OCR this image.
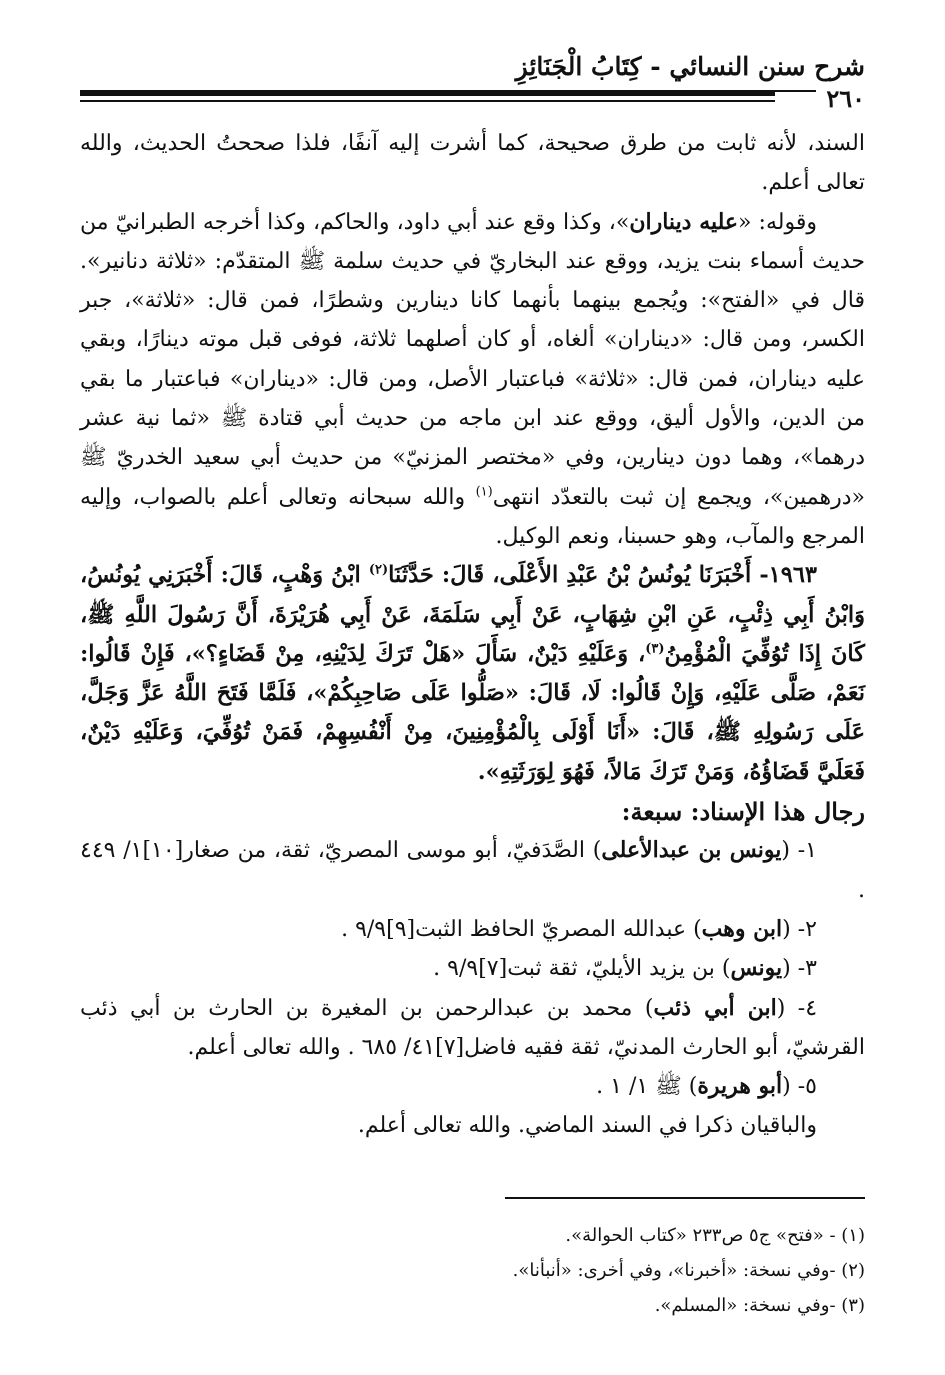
شرح سنن النسائي - كِتَابُ الْجَنَائِزِ
٢٦٠

السند، لأنه ثابت من طرق صحيحة، كما أشرت إليه آنفًا، فلذا صححتُ الحديث، والله تعالى أعلم.

وقوله: «عليه ديناران»، وكذا وقع عند أبي داود، والحاكم، وكذا أخرجه الطبرانيّ من حديث أسماء بنت يزيد، ووقع عند البخاريّ في حديث سلمة ﷺ المتقدّم: «ثلاثة دنانير». قال في «الفتح»: ويُجمع بينهما بأنهما كانا دينارين وشطرًا، فمن قال: «ثلاثة»، جبر الكسر، ومن قال: «ديناران» ألغاه، أو كان أصلهما ثلاثة، فوفى قبل موته دينارًا، وبقي عليه ديناران، فمن قال: «ثلاثة» فباعتبار الأصل، ومن قال: «ديناران» فباعتبار ما بقي من الدين، والأول أليق، ووقع عند ابن ماجه من حديث أبي قتادة ﷺ «ثما نية عشر درهما»، وهما دون دينارين، وفي «مختصر المزنيّ» من حديث أبي سعيد الخدريّ ﷺ «درهمين»، ويجمع إن ثبت بالتعدّد انتهى$^{(١)}$ والله سبحانه وتعالى أعلم بالصواب، وإليه المرجع والمآب، وهو حسبنا، ونعم الوكيل.

١٩٦٣- أَخْبَرَنَا يُونُسُ بْنُ عَبْدِ الأَعْلَى، قَالَ: حَدَّثَنَا$^{(٢)}$ ابْنُ وَهْبٍ، قَالَ: أَخْبَرَنِي يُونُسُ، وَابْنُ أَبِي ذِئْبٍ، عَنِ ابْنِ شِهَابٍ، عَنْ أَبِي سَلَمَةَ، عَنْ أَبِي هُرَيْرَةَ، أَنَّ رَسُولَ اللَّهِ ﷺ، كَانَ إِذَا تُوُفِّيَ الْمُؤْمِنُ$^{(٣)}$، وَعَلَيْهِ دَيْنٌ، سَأَلَ «هَلْ تَرَكَ لِدَيْنِهِ، مِنْ قَضَاءٍ؟»، فَإِنْ قَالُوا: نَعَمْ، صَلَّى عَلَيْهِ، وَإِنْ قَالُوا: لَا، قَالَ: «صَلُّوا عَلَى صَاحِبِكُمْ»، فَلَمَّا فَتَحَ اللَّهُ عَزَّ وَجَلَّ، عَلَى رَسُولِهِ ﷺ، قَالَ: «أَنَا أَوْلَى بِالْمُؤْمِنِينَ، مِنْ أَنْفُسِهِمْ، فَمَنْ تُوُفِّيَ، وَعَلَيْهِ دَيْنٌ، فَعَلَيَّ قَضَاؤُهُ، وَمَنْ تَرَكَ مَالاً، فَهُوَ لِوَرَثَتِهِ».

رجال هذا الإسناد: سبعة:

١- (يونس بن عبدالأعلى) الصَّدَفيّ، أبو موسى المصريّ، ثقة، من صغار[١٠]١/ ٤٤٩ .

٢- (ابن وهب) عبدالله المصريّ الحافظ الثبت[٩]٩/٩ .

٣- (يونس) بن يزيد الأيليّ، ثقة ثبت[٧]٩/٩ .

٤- (ابن أبي ذئب) محمد بن عبدالرحمن بن المغيرة بن الحارث بن أبي ذئب القرشيّ، أبو الحارث المدنيّ، ثقة فقيه فاضل[٧]٤١/ ٦٨٥ . والله تعالى أعلم.

٥- (أبو هريرة) ﷺ ١/ ١ .

والباقيان ذكرا في السند الماضي. والله تعالى أعلم.

(١) - «فتح» ج٥ ص٢٣٣ «كتاب الحوالة».

(٢) -وفي نسخة: «أخبرنا»، وفي أخرى: «أنبأنا».

(٣) -وفي نسخة: «المسلم».
